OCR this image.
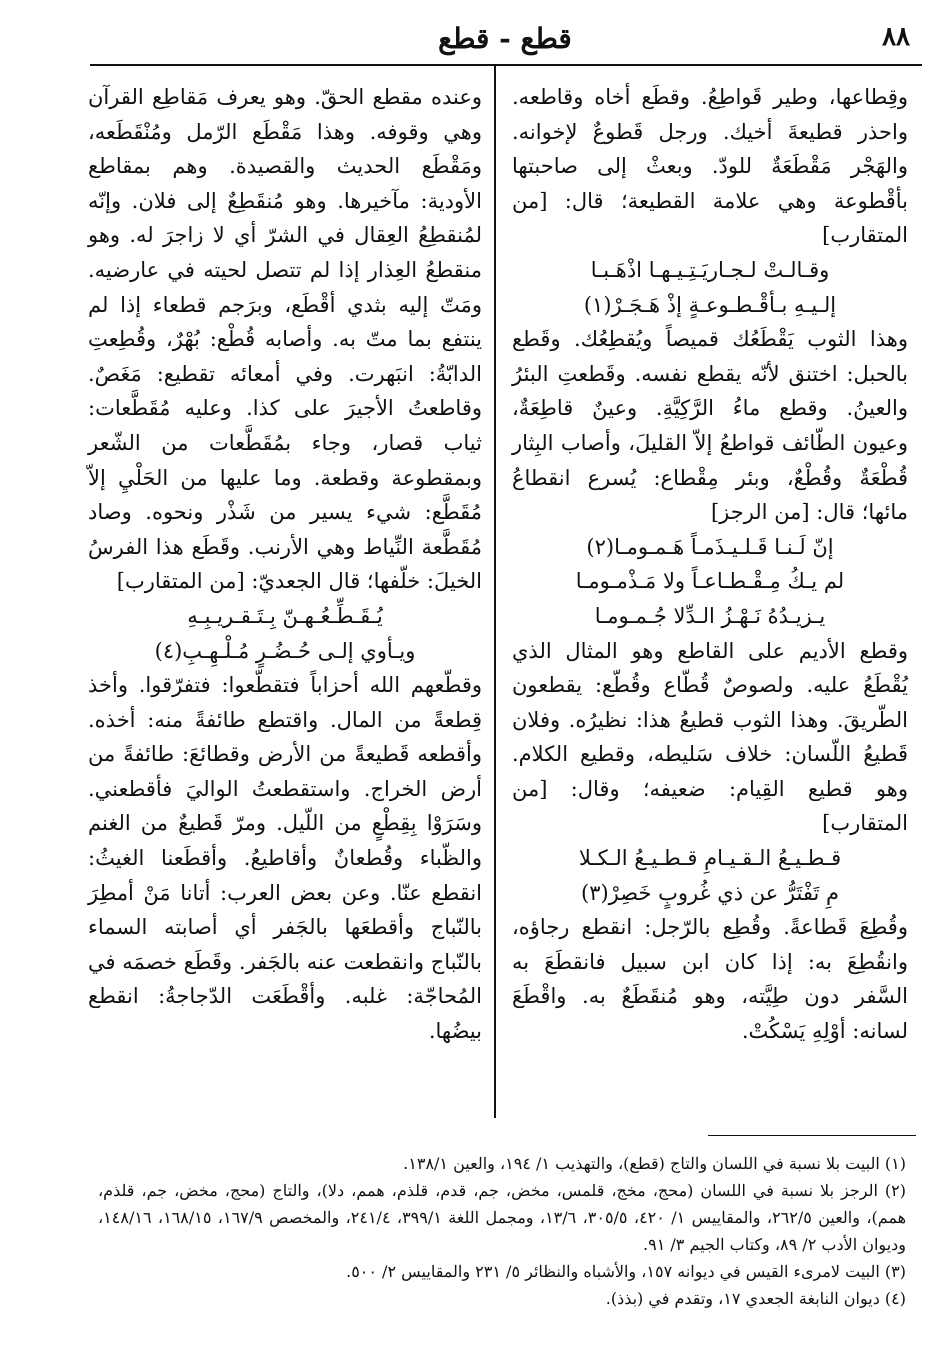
٨٨
قطع - قطع

وقِطاعها، وطير قَواطِعُ. وقطَع أخاه وقاطعه. واحذر قطيعةَ أخيك. ورجل قَطوعٌ لإخوانه. والهَجْر مَقْطَعَةٌ للودّ. وبعثْ إلى صاحبتها بأقْطوعة وهي علامة القطيعة؛ قال: [من المتقارب]

وقـالـتْ لـجـاريَـتِـيـهـا اذْهَـبـا
إلـيـهِ بـأقْـطـوعـةٍ إذْ هَـجَـرْ(١)

وهذا الثوب يَقْطَعُك قميصاً ويُقطِعُك. وقَطع بالحبل: اختنق لأنّه يقطع نفسه. وقَطعتِ البئرُ والعينُ. وقطع ماءُ الرَّكِيَّةِ. وعينٌ قاطِعَةٌ، وعيون الطّائف قواطعُ إلاّ القليلَ، وأصاب البِثار قُطْعَةٌ وقُطْعٌ، وبئر مِقْطاع: يُسرع انقطاعُ مائها؛ قال: [من الرجز]

إنّ لَـنـا قَـلـيـذَمـاً هَـمـومـا(٢)
لم يـكُ مِـقْـطـاعـاً ولا مَـذْمـومـا
يـزيـدُهُ نَـهْـزُ الـدِّلا جُـمـومـا

وقطع الأديم على القاطع وهو المثال الذي يُقْطَعُ عليه. ولصوصٌ قُطّاع وقُطّع: يقطعون الطّريقَ. وهذا الثوب قطيعُ هذا: نظيرُه. وفلان قَطيعُ اللّسان: خلاف سَليطه، وقطيع الكلام. وهو قطيع القِيام: ضعيفه؛ وقال: [من المتقارب]

قـطـيـعُ الـقـيـامِ قـطـيـعُ الـكـلا
مِ تَفْتَرُّ عن ذي غُروبٍ خَصِرْ(٣)

وقُطِعَ قَطاعةً. وقُطِع بالرّجل: انقطع رجاؤه، وانقُطِعَ به: إذا كان ابن سبيل فانقطَعَ به السَّفر دون طِيَّته، وهو مُنقَطَعٌ به. واقْطَعَ لسانه: أوْلِهِ يَسْكُتْ.

وعنده مقطع الحقّ. وهو يعرف مَقاطِع القرآن وهي وقوفه. وهذا مَقْطَع الرّمل ومُنْقَطَعه، ومَقْطَع الحديث والقصيدة. وهم بمقاطع الأودية: مآخيرها. وهو مُنقَطِعٌ إلى فلان. وإنّه لمُنقطِعُ العِقال في الشرّ أي لا زاجرَ له. وهو منقطعُ العِذار إذا لم تتصل لحيته في عارضيه. ومَتّ إليه بثدي أقْطَع، وبرَجم قطعاء إذا لم ينتفع بما متّ به. وأصابه قُطْع: بُهْرٌ، وقُطِعتِ الدابّةُ: انبَهرت. وفي أمعائه تقطيع: مَغَصٌ. وقاطعتُ الأجيرَ على كذا. وعليه مُقَطَّعات: ثياب قصار، وجاء بمُقَطَّعات من الشّعر وبمقطوعة وقطعة. وما عليها من الحَلْيِ إلاّ مُقَطَّع: شيء يسير من شَذْر ونحوه. وصاد مُقَطَّعة النِّياط وهي الأرنب. وقَطَع هذا الفرسُ الخيلَ: خلّفها؛ قال الجعديّ: [من المتقارب]

يُـقَـطِّـعُـهـنّ بِـتَـقـريـبِـهِ
ويـأوي إلـى حُـضُـرٍ مُـلْـهِـبِ(٤)

وقطّعهم الله أحزاباً فتقطّعوا: فتفرّقوا. وأخذ قِطعةً من المال. واقتطع طائفةً منه: أخذه. وأقطعه قَطيعةً من الأرض وقطائعَ: طائفةً من أرض الخراج. واستقطعتُ الواليَ فأقطعني. وسَرَوْا بِقِطْعٍ من اللّيل. ومرّ قَطيعٌ من الغنم والظّباء وقُطعانٌ وأقاطيعُ. وأقطَعنا الغيثُ: انقطع عنّا. وعن بعض العرب: أتانا مَنْ أمطِرَ بالنّباج وأقطعَها بالجَفر أي أصابته السماء بالنّباج وانقطعت عنه بالجَفر. وقَطَع خصمَه في المُحاجّة: غلبه. وأقْطَعَت الدّجاجةُ: انقطع بيضُها.

(١) البيت بلا نسبة في اللسان والتاج (قطع)، والتهذيب ١/ ١٩٤، والعين ١٣٨/١.

(٢) الرجز بلا نسبة في اللسان (محج، مخج، قلمس، مخض، جم، قدم، قلذم، همم، دلا)، والتاج (محج، مخض، جم، قلذم، همم)، والعين ٢٦٢/٥، والمقاييس ١/ ٤٢٠، ٣٠٥/٥، ١٣/٦، ومجمل اللغة ٣٩٩/١، ٢٤١/٤، والمخصص ١٦٧/٩، ١٦٨/١٥، ١٤٨/١٦، وديوان الأدب ٢/ ٨٩، وكتاب الجيم ٣/ ٩١.

(٣) البيت لامرىء القيس في ديوانه ١٥٧، والأشباه والنظائر ٥/ ٢٣١ والمقاييس ٢/ ٥٠٠.

(٤) ديوان النابغة الجعدي ١٧، وتقدم في (بذذ).
